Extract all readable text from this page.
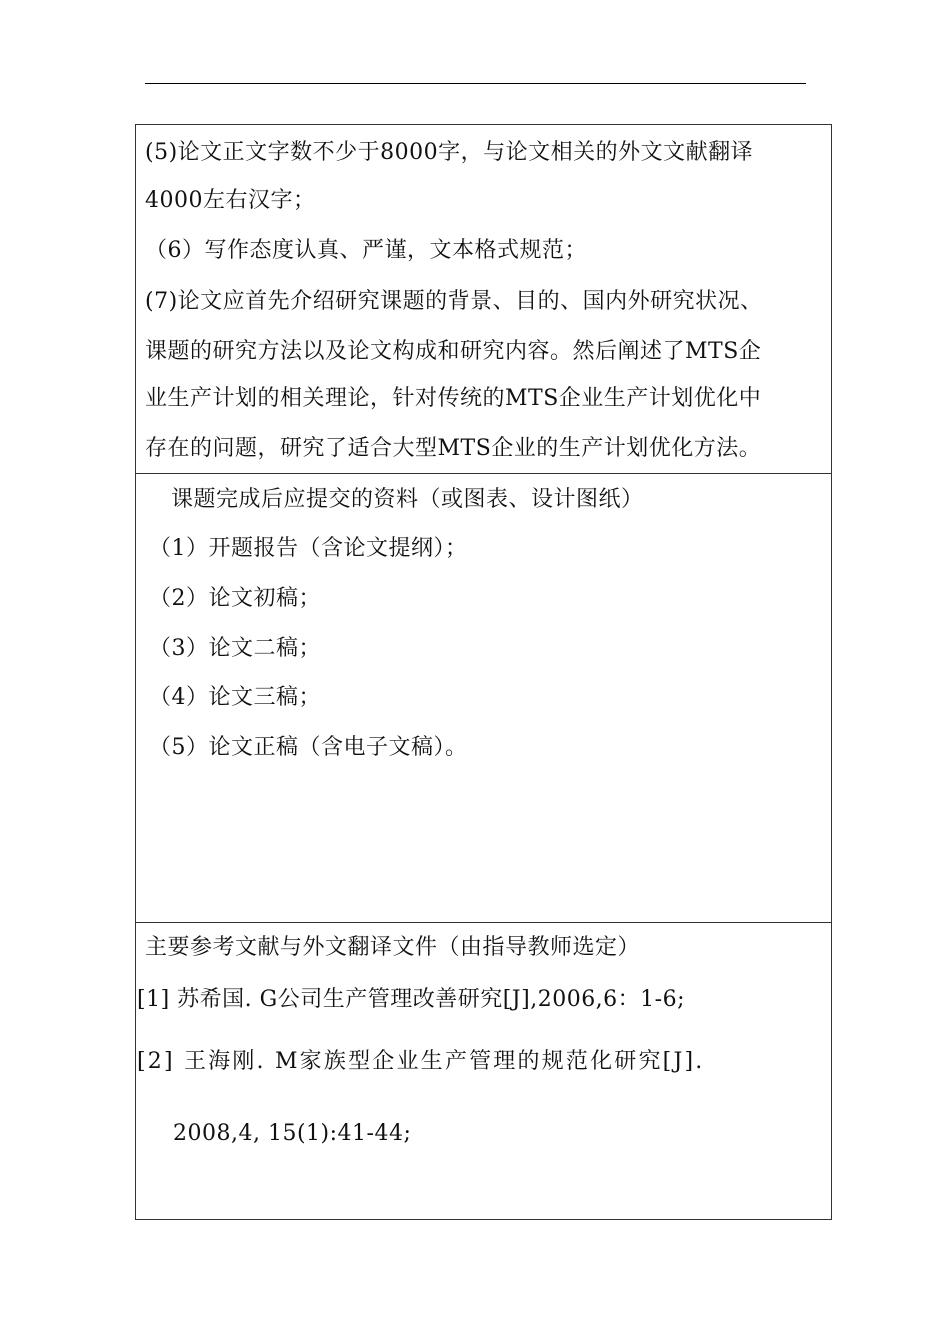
(5)论文正文字数不少于8000字，与论文相关的外文文献翻译
4000左右汉字；
（6）写作态度认真、严谨，文本格式规范；
(7)论文应首先介绍研究课题的背景、目的、国内外研究状况、
课题的研究方法以及论文构成和研究内容。然后阐述了MTS企
业生产计划的相关理论，针对传统的MTS企业生产计划优化中
存在的问题，研究了适合大型MTS企业的生产计划优化方法。
课题完成后应提交的资料（或图表、设计图纸）
（1）开题报告（含论文提纲）；
（2）论文初稿；
（3）论文二稿；
（4）论文三稿；
（5）论文正稿（含电子文稿）。
主要参考文献与外文翻译文件（由指导教师选定）
[1] 苏希国. G公司生产管理改善研究[J],2006,6：1-6;
[2] 王海刚. M家族型企业生产管理的规范化研究[J].
2008,4, 15(1):41-44;
